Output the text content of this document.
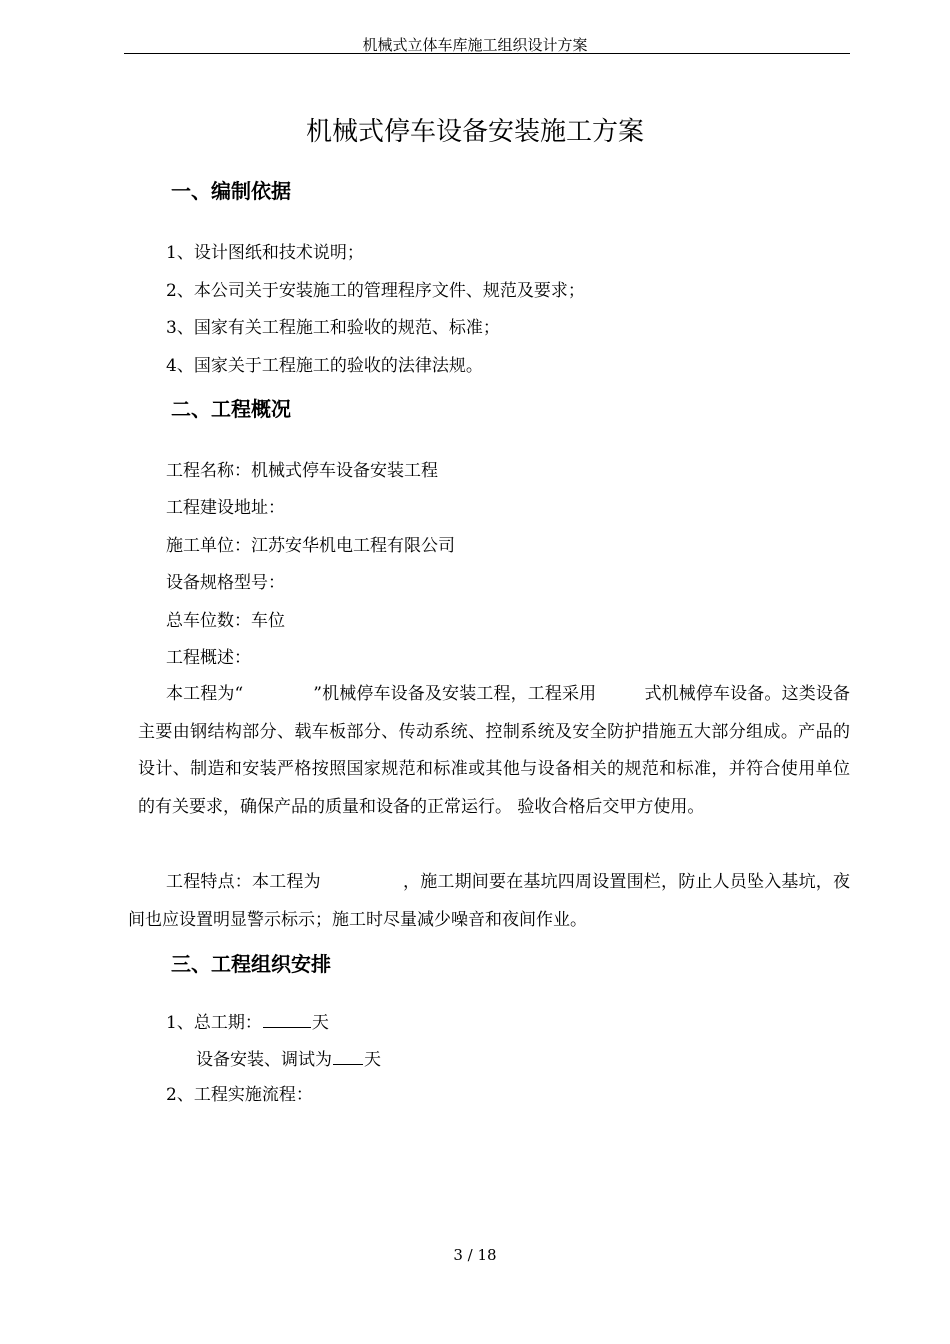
机械式立体车库施工组织设计方案
机械式停车设备安装施工方案
一、编制依据
1、设计图纸和技术说明；
2、本公司关于安装施工的管理程序文件、规范及要求；
3、国家有关工程施工和验收的规范、标准；
4、国家关于工程施工的验收的法律法规。
二、工程概况
工程名称：机械式停车设备安装工程
工程建设地址：
施工单位：江苏安华机电工程有限公司
设备规格型号：
总车位数：车位
工程概述：
本工程为“	”机械停车设备及安装工程，工程采用	式机械停车设备。这类设备主要由钢结构部分、载车板部分、传动系统、控制系统及安全防护措施五大部分组成。产品的设计、制造和安装严格按照国家规范和标准或其他与设备相关的规范和标准，并符合使用单位的有关要求，确保产品的质量和设备的正常运行。 验收合格后交甲方使用。
工程特点：本工程为	，施工期间要在基坑四周设置围栏，防止人员坠入基坑，夜间也应设置明显警示标示；施工时尽量减少噪音和夜间作业。
三、工程组织安排
1、总工期：	天
设备安装、调试为 天
2、工程实施流程：
3 / 18
